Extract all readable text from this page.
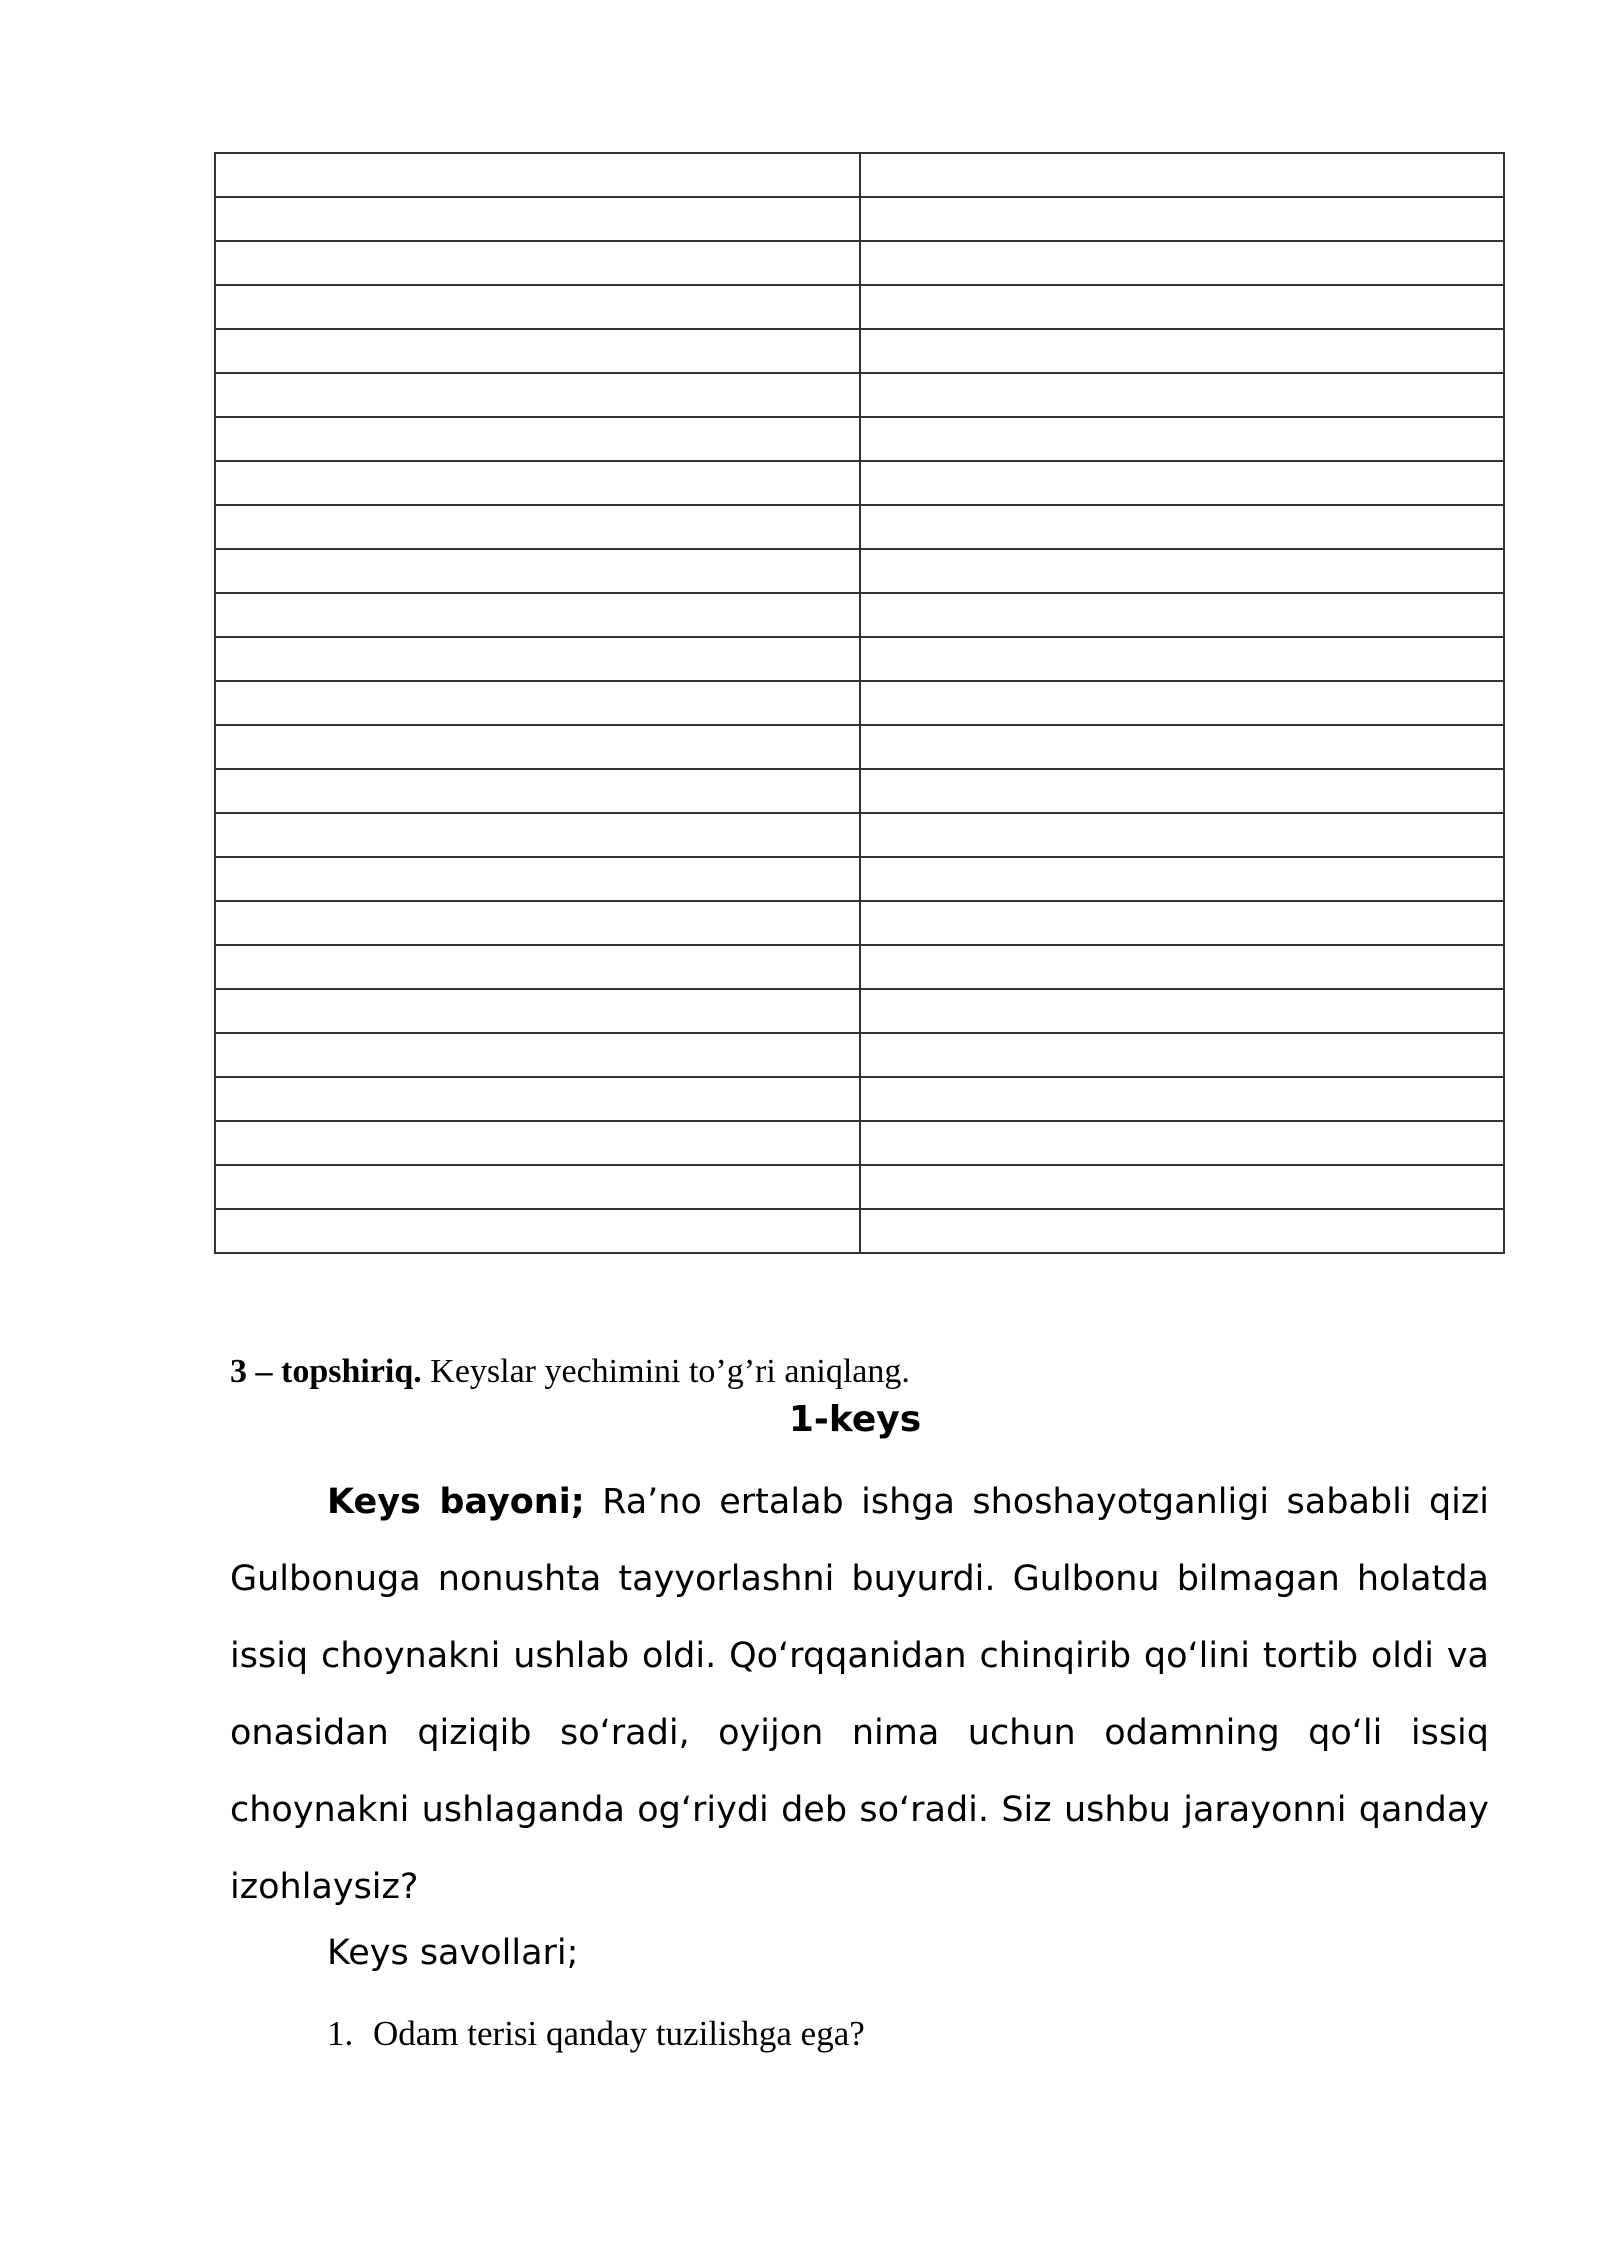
3 – topshiriq. Keyslar yechimini to’g’ri aniqlang.
1-keys

Keys bayoni; Ra’no ertalab ishga shoshayotganligi sababli qizi Gulbonuga nonushta tayyorlashni buyurdi. Gulbonu bilmagan holatda issiq choynakni ushlab oldi. Qo‘rqqanidan chinqirib qo‘lini tortib oldi va onasidan qiziqib so‘radi, oyijon nima uchun odamning qo‘li issiq choynakni ushlaganda og‘riydi deb so‘radi. Siz ushbu jarayonni qanday izohlaysiz?

Keys savollari;
1. Odam terisi qanday tuzilishga ega?
